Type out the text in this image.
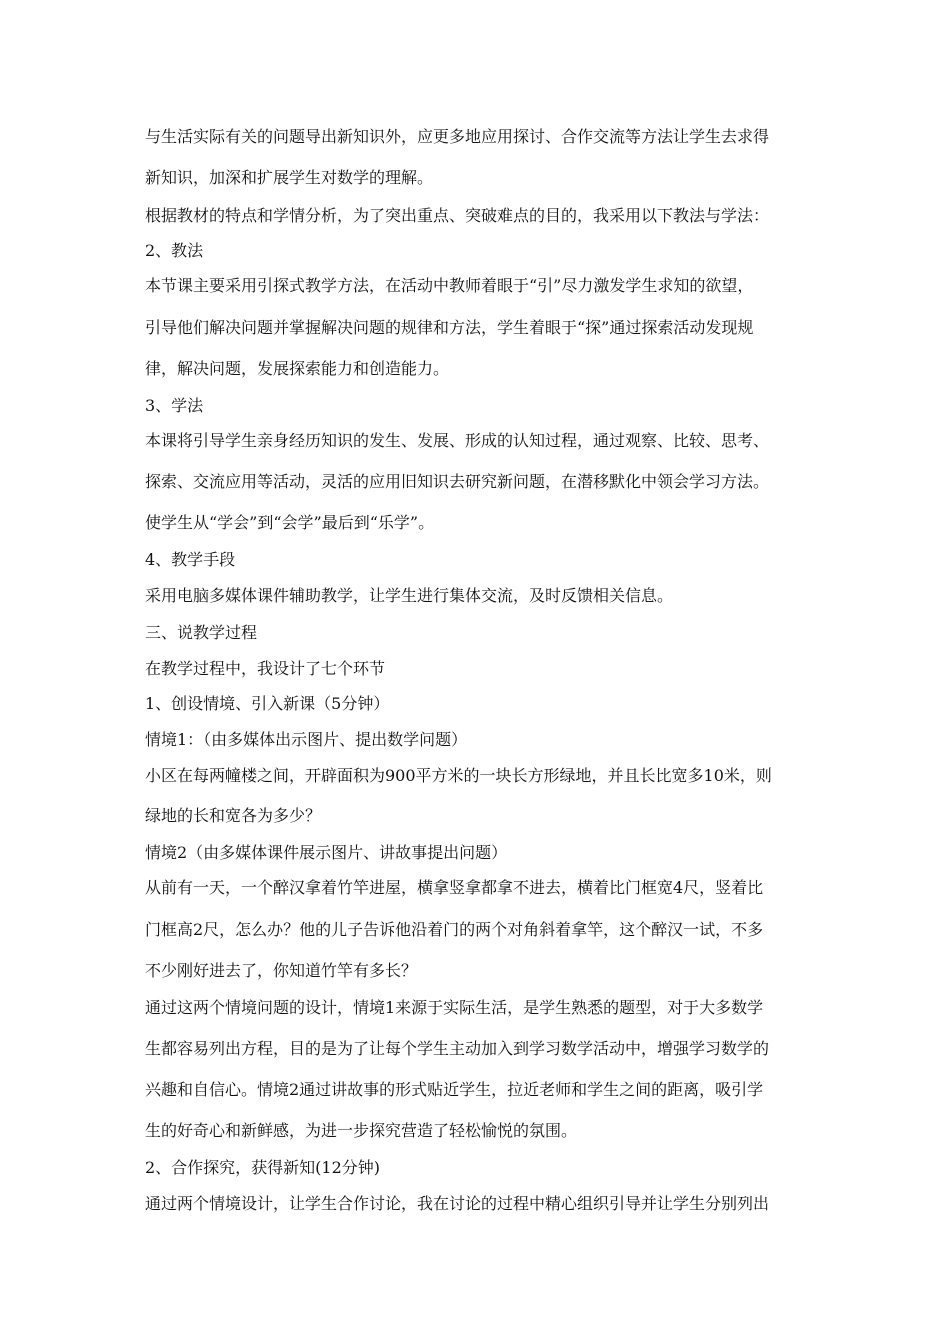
与生活实际有关的问题导出新知识外，应更多地应用探讨、合作交流等方法让学生去求得

新知识，加深和扩展学生对数学的理解。

根据教材的特点和学情分析，为了突出重点、突破难点的目的，我采用以下教法与学法：

2、教法

本节课主要采用引探式教学方法，在活动中教师着眼于“引”尽力激发学生求知的欲望，

引导他们解决问题并掌握解决问题的规律和方法，学生着眼于“探”通过探索活动发现规

律，解决问题，发展探索能力和创造能力。

3、学法

本课将引导学生亲身经历知识的发生、发展、形成的认知过程，通过观察、比较、思考、

探索、交流应用等活动，灵活的应用旧知识去研究新问题，在潜移默化中领会学习方法。

使学生从“学会”到“会学”最后到“乐学”。

4、教学手段

采用电脑多媒体课件辅助教学，让学生进行集体交流，及时反馈相关信息。

三、说教学过程

在教学过程中，我设计了七个环节

1、创设情境、引入新课（5分钟）

情境1：（由多媒体出示图片、提出数学问题）

小区在每两幢楼之间，开辟面积为900平方米的一块长方形绿地，并且长比宽多10米，则

绿地的长和宽各为多少？

情境2（由多媒体课件展示图片、讲故事提出问题）

从前有一天，一个醉汉拿着竹竿进屋，横拿竖拿都拿不进去，横着比门框宽4尺，竖着比

门框高2尺，怎么办？他的儿子告诉他沿着门的两个对角斜着拿竿，这个醉汉一试，不多

不少刚好进去了，你知道竹竿有多长？

通过这两个情境问题的设计，情境1来源于实际生活，是学生熟悉的题型，对于大多数学

生都容易列出方程，目的是为了让每个学生主动加入到学习数学活动中，增强学习数学的

兴趣和自信心。情境2通过讲故事的形式贴近学生，拉近老师和学生之间的距离，吸引学

生的好奇心和新鲜感，为进一步探究营造了轻松愉悦的氛围。

2、合作探究，获得新知(12分钟)

通过两个情境设计，让学生合作讨论，我在讨论的过程中精心组织引导并让学生分别列出
